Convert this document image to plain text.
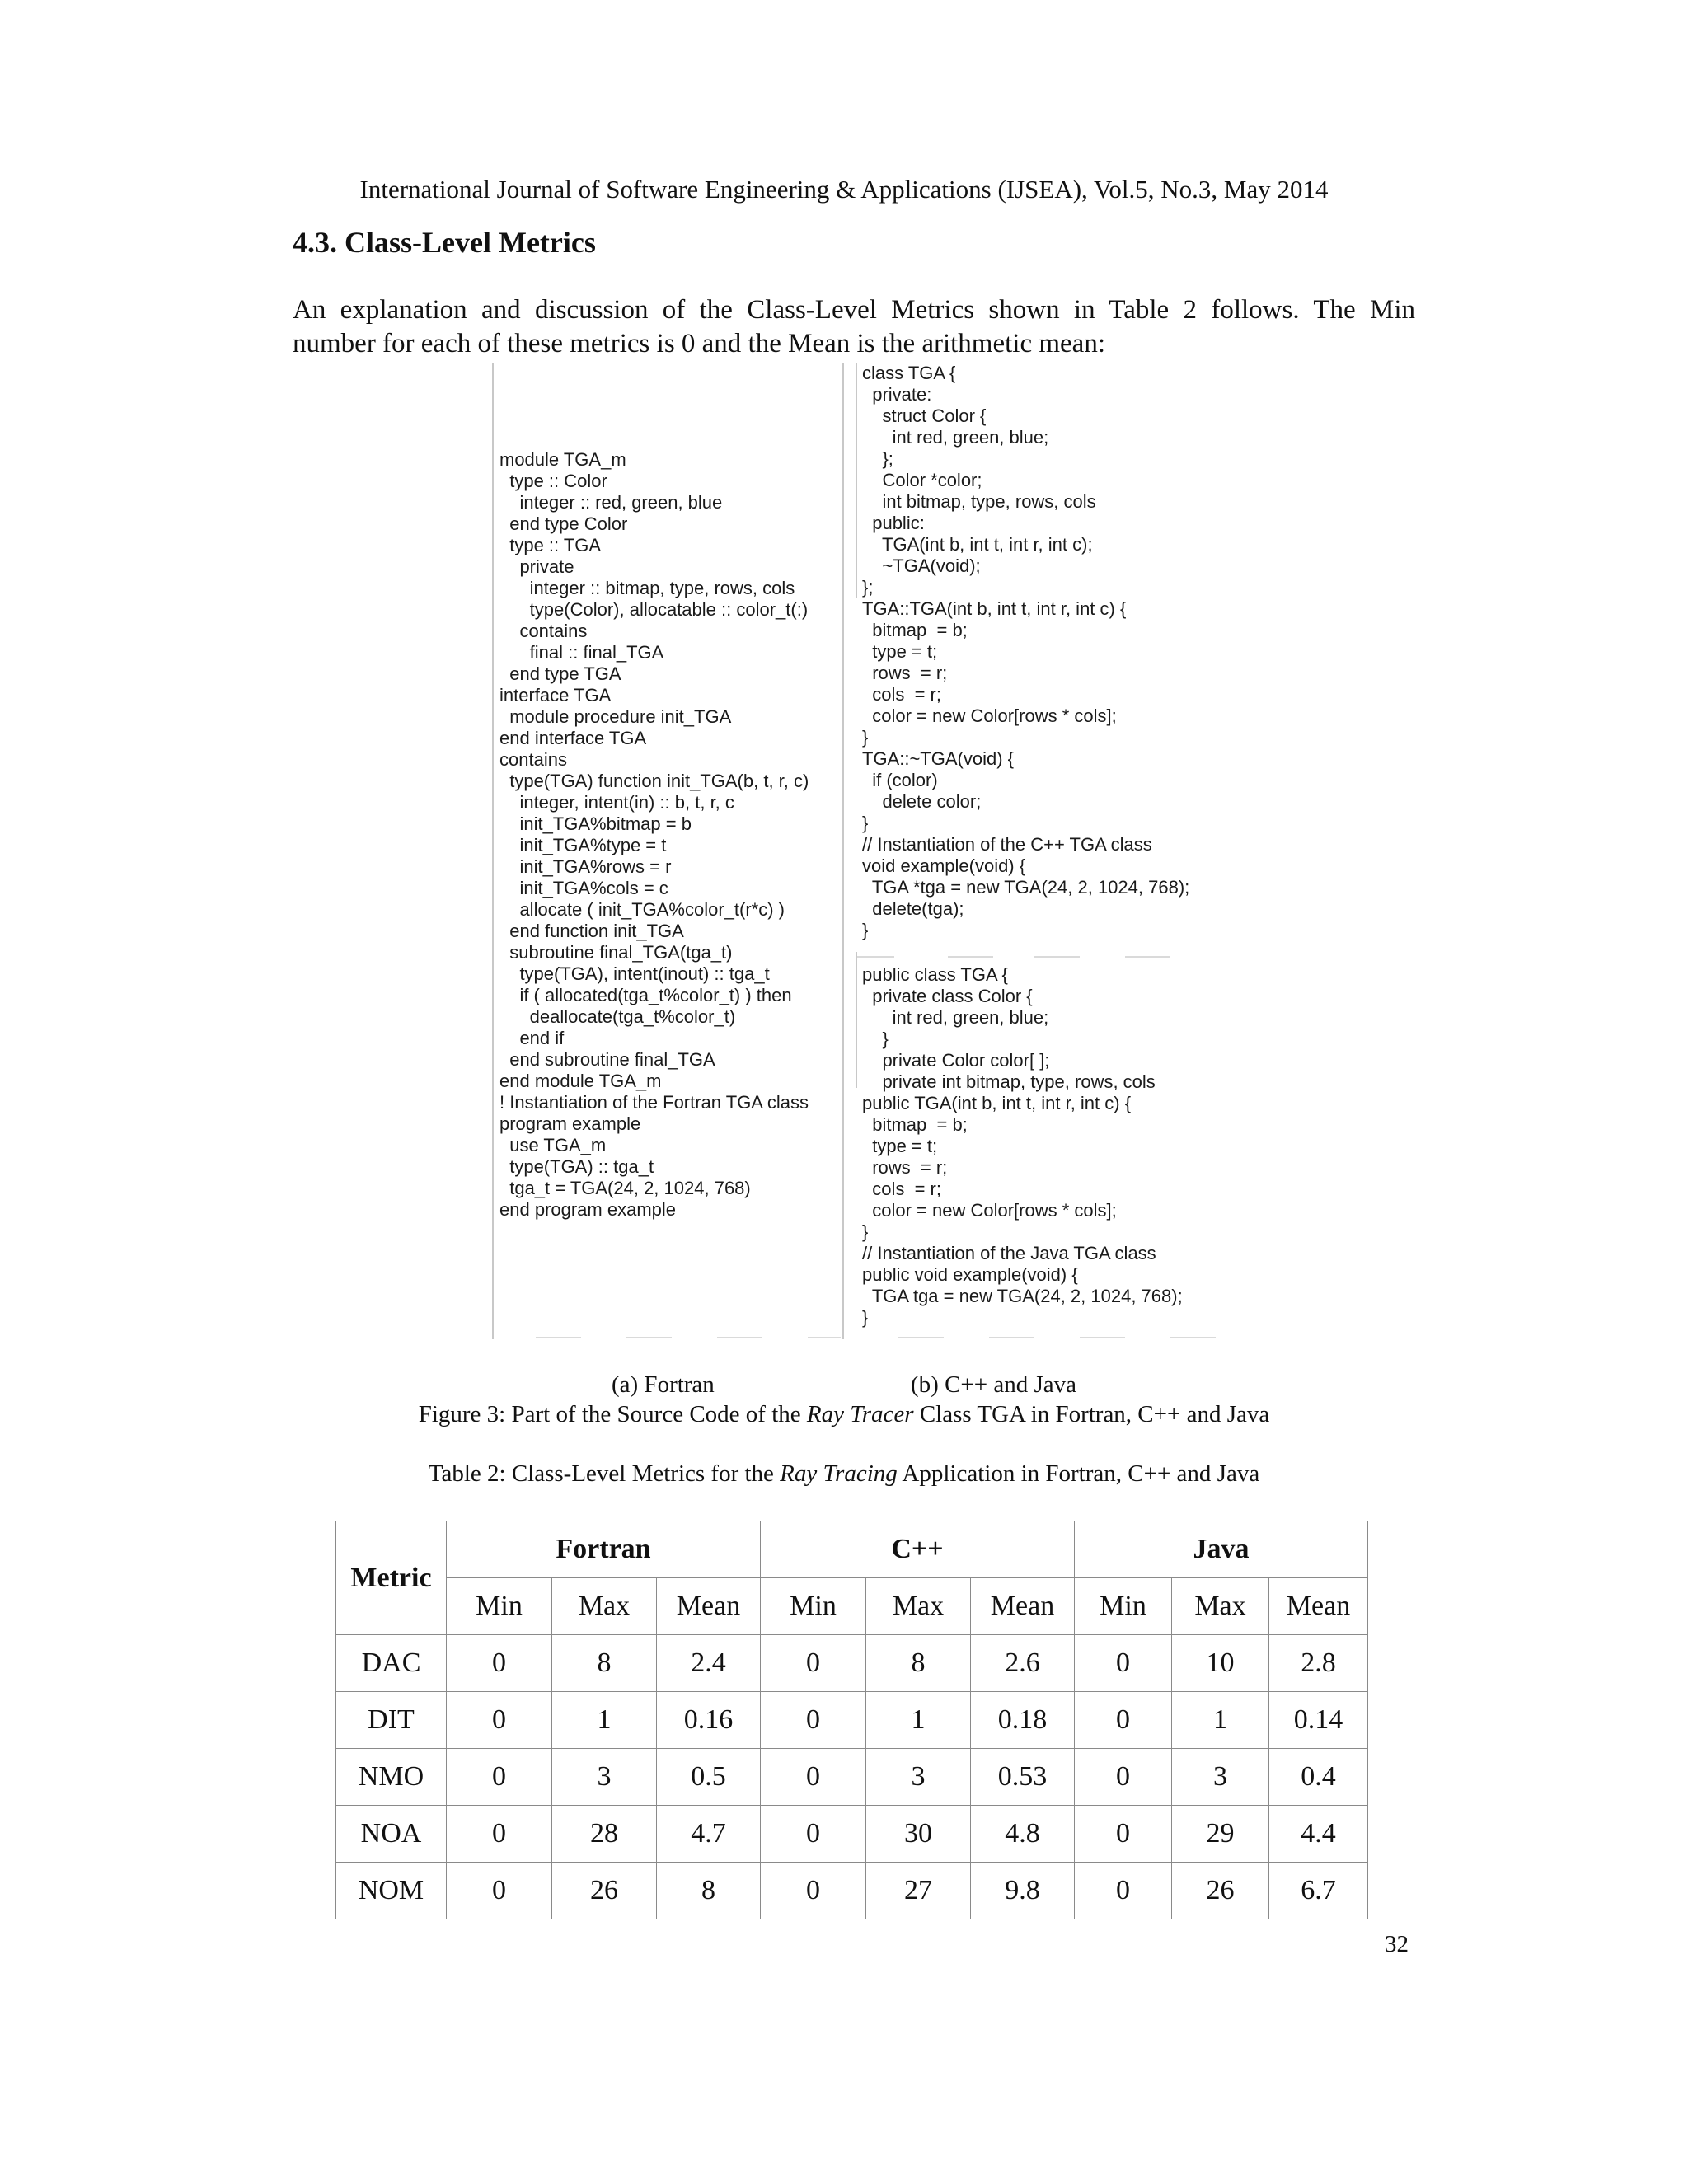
International Journal of Software Engineering & Applications (IJSEA), Vol.5, No.3, May 2014
4.3. Class-Level Metrics
An explanation and discussion of the Class-Level Metrics shown in Table 2 follows. The Min
number for each of these metrics is 0 and the Mean is the arithmetic mean:
module TGA_m
type :: Color
integer :: red, green, blue
end type Color
type :: TGA
private
integer :: bitmap, type, rows, cols
type(Color), allocatable :: color_t(:)
contains
final :: final_TGA
end type TGA
interface TGA
module procedure init_TGA
end interface TGA
contains
type(TGA) function init_TGA(b, t, r, c)
integer, intent(in) :: b, t, r, c
init_TGA%bitmap = b
init_TGA%type = t
init_TGA%rows = r
init_TGA%cols = c
allocate ( init_TGA%color_t(r*c) )
end function init_TGA
subroutine final_TGA(tga_t)
type(TGA), intent(inout) :: tga_t
if ( allocated(tga_t%color_t) ) then
deallocate(tga_t%color_t)
end if
end subroutine final_TGA
end module TGA_m
! Instantiation of the Fortran TGA class
program example
use TGA_m
type(TGA) :: tga_t
tga_t = TGA(24, 2, 1024, 768)
end program example
class TGA {
private:
struct Color {
int red, green, blue;
};
Color *color;
int bitmap, type, rows, cols
public:
TGA(int b, int t, int r, int c);
~TGA(void);
};
TGA::TGA(int b, int t, int r, int c) {
bitmap  = b;
type = t;
rows  = r;
cols  = r;
color = new Color[rows * cols];
}
TGA::~TGA(void) {
if (color)
delete color;
}
// Instantiation of the C++ TGA class
void example(void) {
TGA *tga = new TGA(24, 2, 1024, 768);
delete(tga);
}
public class TGA {
private class Color {
int red, green, blue;
}
private Color color[ ];
private int bitmap, type, rows, cols
public TGA(int b, int t, int r, int c) {
bitmap  = b;
type = t;
rows  = r;
cols  = r;
color = new Color[rows * cols];
}
// Instantiation of the Java TGA class
public void example(void) {
TGA tga = new TGA(24, 2, 1024, 768);
}
(a) Fortran	(b) C++ and Java
Figure 3: Part of the Source Code of the Ray Tracer Class TGA in Fortran, C++ and Java
Table 2: Class-Level Metrics for the Ray Tracing Application in Fortran, C++ and Java
Metric	Fortran			C++			Java		
	Min	Max	Mean	Min	Max	Mean	Min	Max	Mean
DAC	0	8	2.4	0	8	2.6	0	10	2.8
DIT	0	1	0.16	0	1	0.18	0	1	0.14
NMO	0	3	0.5	0	3	0.53	0	3	0.4
NOA	0	28	4.7	0	30	4.8	0	29	4.4
NOM	0	26	8	0	27	9.8	0	26	6.7
32
